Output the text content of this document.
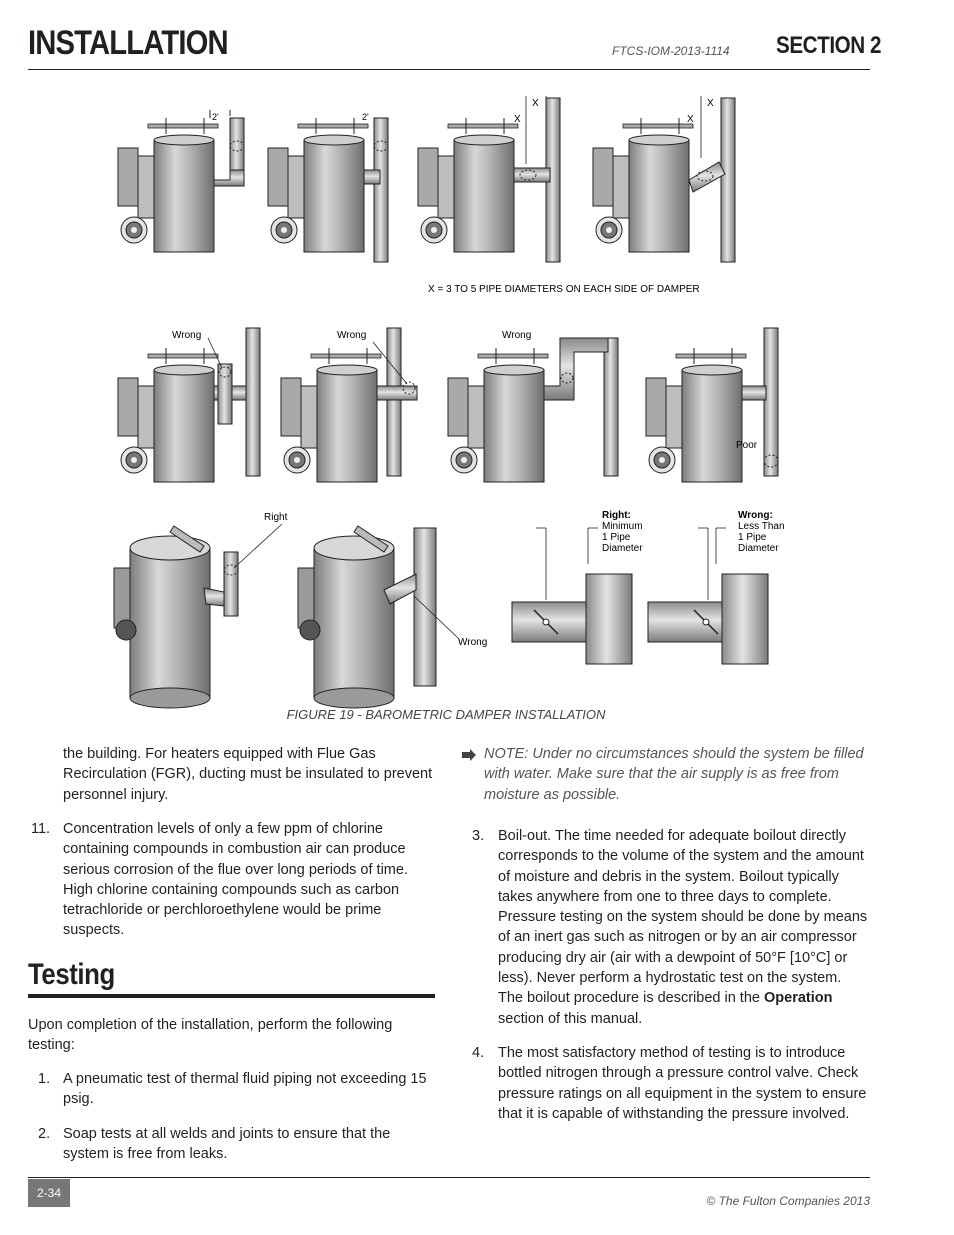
INSTALLATION	FTCS-IOM-2013-1114 SECTION 2
2'	2'
X
X
X
X
X = 3 TO 5 PIPE DIAMETERS ON EACH SIDE OF DAMPER
Wrong	Wrong	Wrong
Poor
Right
Wrong
Right:
Minimum
1 Pipe
Diameter
Wrong:
Less Than
1 Pipe
Diameter
FIGURE 19 - BAROMETRIC DAMPER INSTALLATION
the building. For heaters equipped with Flue Gas Recirculation (FGR), ducting must be insulated to prevent personnel injury.
11. Concentration levels of only a few ppm of chlorine containing compounds in combustion air can produce serious corrosion of the flue over long periods of time. High chlorine containing compounds such as carbon tetrachloride or perchloroethylene would be prime suspects.
Testing
Upon completion of the installation, perform the following testing:
1. A pneumatic test of thermal fluid piping not exceeding 15 psig.
2. Soap tests at all welds and joints to ensure that the system is free from leaks.
NOTE: Under no circumstances should the system be filled with water. Make sure that the air supply is as free from moisture as possible.
3. Boil-out. The time needed for adequate boilout directly corresponds to the volume of the system and the amount of moisture and debris in the system. Boilout typically takes anywhere from one to three days to complete. Pressure testing on the system should be done by means of an inert gas such as nitrogen or by an air compressor producing dry air (air with a dewpoint of 50°F [10°C] or less). Never perform a hydrostatic test on the system. The boilout procedure is described in the Operation section of this manual.
4. The most satisfactory method of testing is to introduce bottled nitrogen through a pressure control valve. Check pressure ratings on all equipment in the system to ensure that it is capable of withstanding the pressure involved.
2-34
© The Fulton Companies 2013
